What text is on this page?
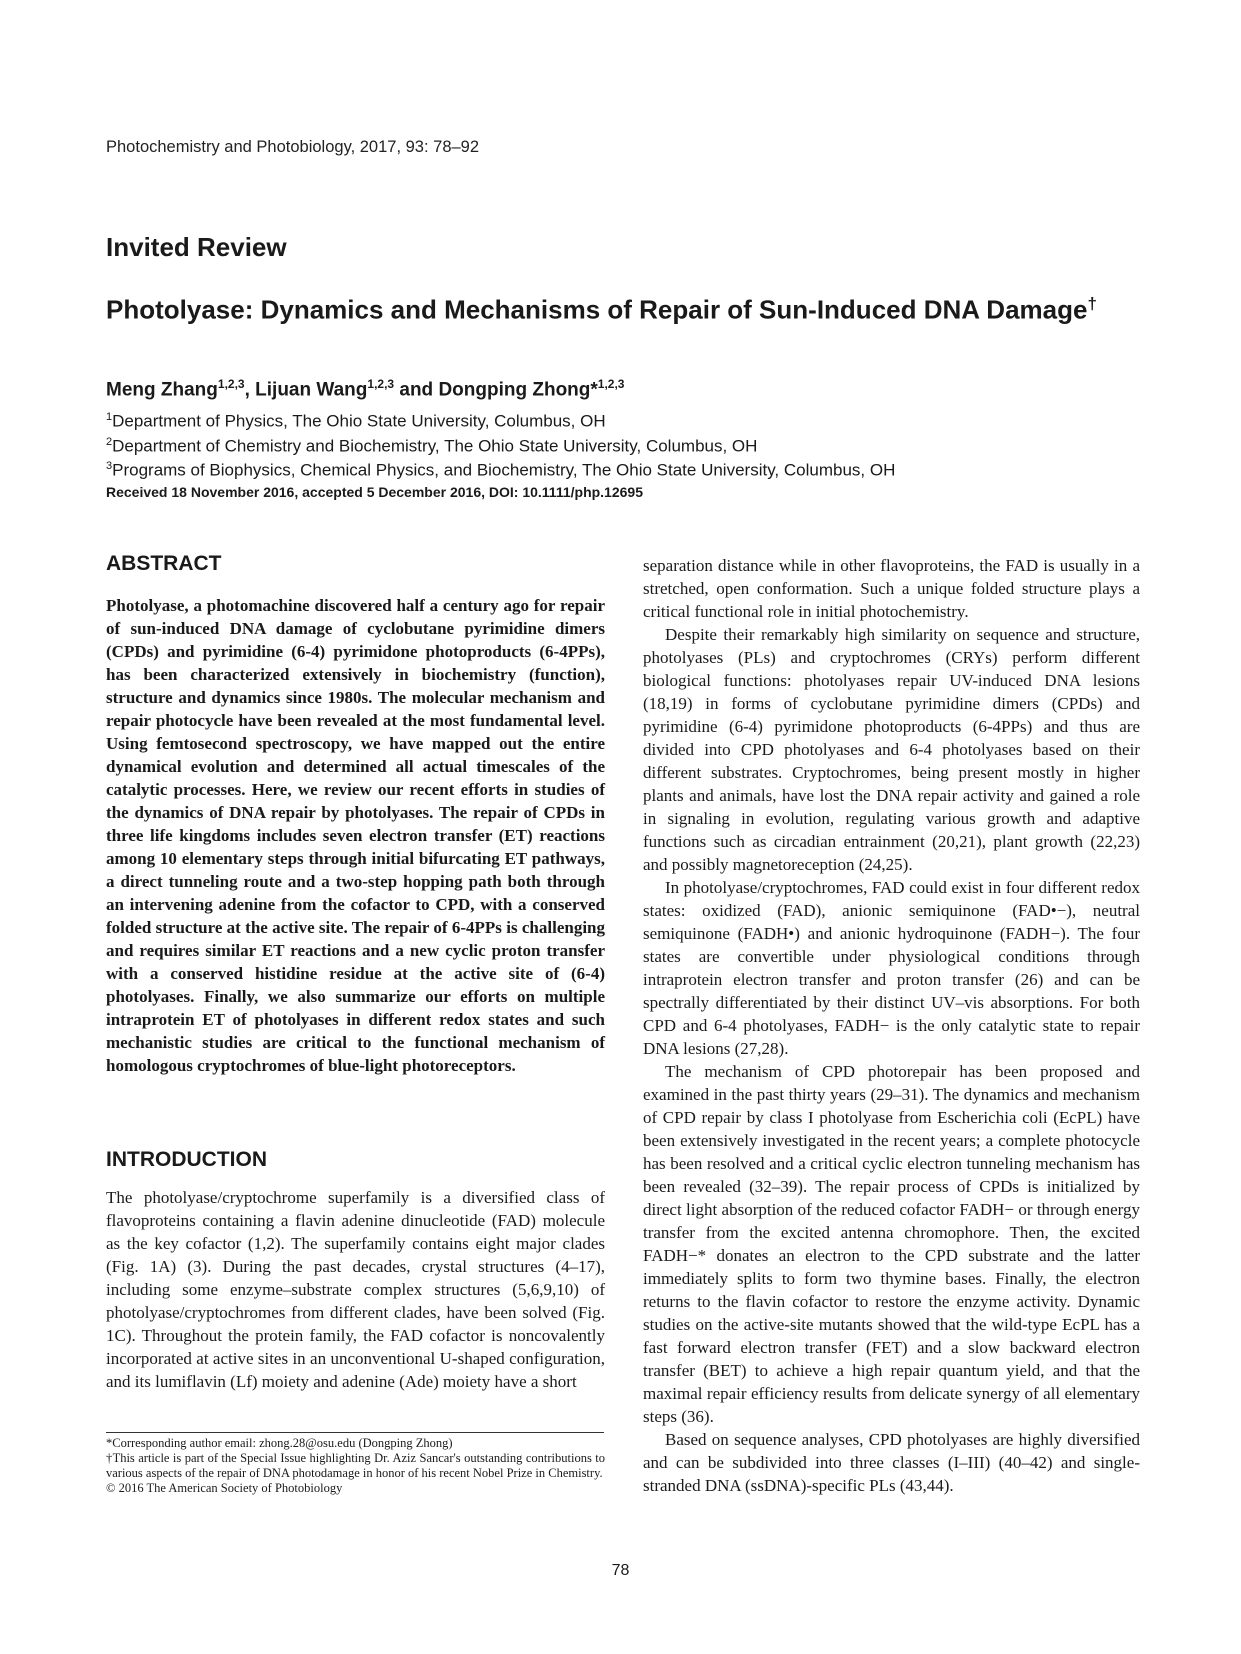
Photochemistry and Photobiology, 2017, 93: 78–92
Invited Review
Photolyase: Dynamics and Mechanisms of Repair of Sun-Induced DNA Damage†
Meng Zhang$^{1,2,3}$, Lijuan Wang$^{1,2,3}$ and Dongping Zhong*$^{1,2,3}$
$^1$Department of Physics, The Ohio State University, Columbus, OH
$^2$Department of Chemistry and Biochemistry, The Ohio State University, Columbus, OH
$^3$Programs of Biophysics, Chemical Physics, and Biochemistry, The Ohio State University, Columbus, OH
Received 18 November 2016, accepted 5 December 2016, DOI: 10.1111/php.12695
ABSTRACT

Photolyase, a photomachine discovered half a century ago for repair of sun-induced DNA damage of cyclobutane pyrimidine dimers (CPDs) and pyrimidine (6-4) pyrimidone photoproducts (6-4PPs), has been characterized extensively in biochemistry (function), structure and dynamics since 1980s. The molecular mechanism and repair photocycle have been revealed at the most fundamental level. Using femtosecond spectroscopy, we have mapped out the entire dynamical evolution and determined all actual timescales of the catalytic processes. Here, we review our recent efforts in studies of the dynamics of DNA repair by photolyases. The repair of CPDs in three life kingdoms includes seven electron transfer (ET) reactions among 10 elementary steps through initial bifurcating ET pathways, a direct tunneling route and a two-step hopping path both through an intervening adenine from the cofactor to CPD, with a conserved folded structure at the active site. The repair of 6-4PPs is challenging and requires similar ET reactions and a new cyclic proton transfer with a conserved histidine residue at the active site of (6-4) photolyases. Finally, we also summarize our efforts on multiple intraprotein ET of photolyases in different redox states and such mechanistic studies are critical to the functional mechanism of homologous cryptochromes of blue-light photoreceptors.

INTRODUCTION

The photolyase/cryptochrome superfamily is a diversified class of flavoproteins containing a flavin adenine dinucleotide (FAD) molecule as the key cofactor (1,2). The superfamily contains eight major clades (Fig. 1A) (3). During the past decades, crystal structures (4–17), including some enzyme–substrate complex structures (5,6,9,10) of photolyase/cryptochromes from different clades, have been solved (Fig. 1C). Throughout the protein family, the FAD cofactor is noncovalently incorporated at active sites in an unconventional U-shaped configuration, and its lumiflavin (Lf) moiety and adenine (Ade) moiety have a short

separation distance while in other flavoproteins, the FAD is usually in a stretched, open conformation. Such a unique folded structure plays a critical functional role in initial photochemistry.

Despite their remarkably high similarity on sequence and structure, photolyases (PLs) and cryptochromes (CRYs) perform different biological functions: photolyases repair UV-induced DNA lesions (18,19) in forms of cyclobutane pyrimidine dimers (CPDs) and pyrimidine (6-4) pyrimidone photoproducts (6-4PPs) and thus are divided into CPD photolyases and 6-4 photolyases based on their different substrates. Cryptochromes, being present mostly in higher plants and animals, have lost the DNA repair activity and gained a role in signaling in evolution, regulating various growth and adaptive functions such as circadian entrainment (20,21), plant growth (22,23) and possibly magnetoreception (24,25).

In photolyase/cryptochromes, FAD could exist in four different redox states: oxidized (FAD), anionic semiquinone (FAD•−), neutral semiquinone (FADH•) and anionic hydroquinone (FADH−). The four states are convertible under physiological conditions through intraprotein electron transfer and proton transfer (26) and can be spectrally differentiated by their distinct UV–vis absorptions. For both CPD and 6-4 photolyases, FADH− is the only catalytic state to repair DNA lesions (27,28).

The mechanism of CPD photorepair has been proposed and examined in the past thirty years (29–31). The dynamics and mechanism of CPD repair by class I photolyase from Escherichia coli (EcPL) have been extensively investigated in the recent years; a complete photocycle has been resolved and a critical cyclic electron tunneling mechanism has been revealed (32–39). The repair process of CPDs is initialized by direct light absorption of the reduced cofactor FADH− or through energy transfer from the excited antenna chromophore. Then, the excited FADH−* donates an electron to the CPD substrate and the latter immediately splits to form two thymine bases. Finally, the electron returns to the flavin cofactor to restore the enzyme activity. Dynamic studies on the active-site mutants showed that the wild-type EcPL has a fast forward electron transfer (FET) and a slow backward electron transfer (BET) to achieve a high repair quantum yield, and that the maximal repair efficiency results from delicate synergy of all elementary steps (36).

Based on sequence analyses, CPD photolyases are highly diversified and can be subdivided into three classes (I–III) (40–42) and single-stranded DNA (ssDNA)-specific PLs (43,44).

*Corresponding author email: zhong.28@osu.edu (Dongping Zhong)
†This article is part of the Special Issue highlighting Dr. Aziz Sancar's outstanding contributions to various aspects of the repair of DNA photodamage in honor of his recent Nobel Prize in Chemistry.
© 2016 The American Society of Photobiology
78
